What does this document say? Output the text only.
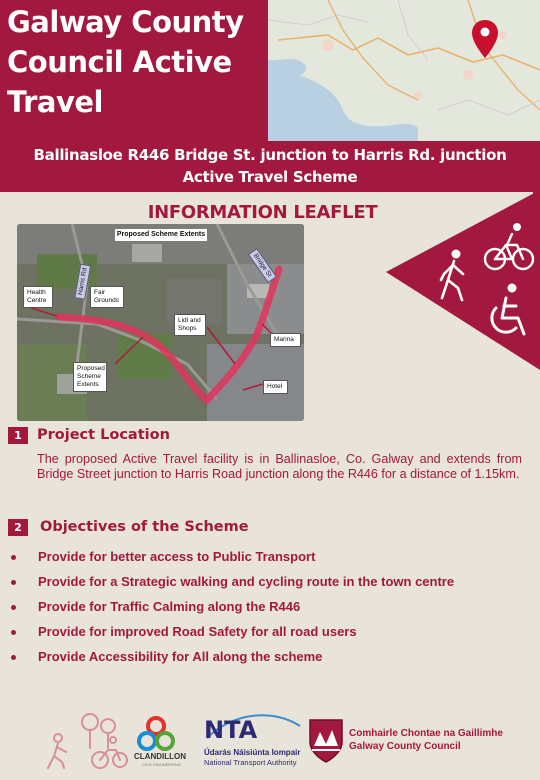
Galway County
Council Active
Travel
Ballinasloe R446 Bridge St. junction to Harris Rd. junction
Active Travel Scheme
INFORMATION LEAFLET
Proposed Scheme Extents
Harris Rd
Bridge St
Health Centre
Fair Grounds
Lidl and Shops
Marina
Proposed Scheme Extents	Hotel
1	Project Location
The proposed Active Travel facility is in Ballinasloe, Co. Galway and extends from Bridge Street junction to Harris Road junction along the R446 for a distance of 1.15km.
2	Objectives of the Scheme
Provide for better access to Public Transport
Provide for a Strategic walking and cycling route in the town centre
Provide for Traffic Calming along the R446
Provide for improved Road Safety for all road users
Provide Accessibility for All along the scheme
CLANDILLON
CIVIL ENGINEERING
NTA
Údarás Náisiúnta Iompair
National Transport Authority
Comhairle Chontae na Gaillimhe
Galway County Council
